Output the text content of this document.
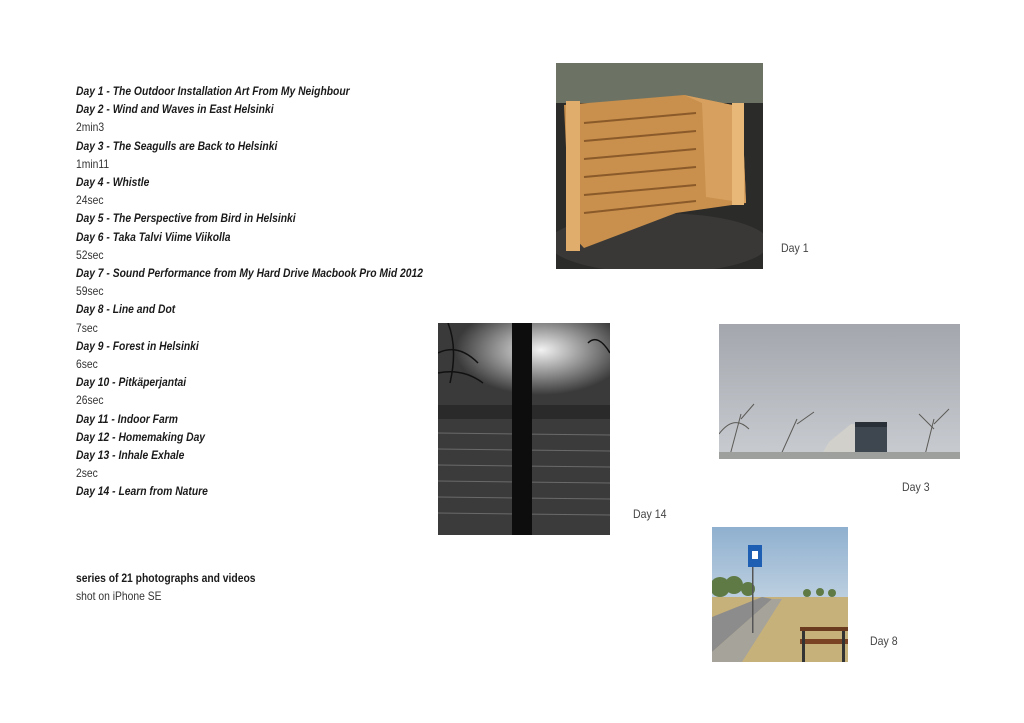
Day 1 - The Outdoor Installation Art From My Neighbour
Day 2 - Wind and Waves in East Helsinki
2min3
Day 3 - The Seagulls are Back to Helsinki
1min11
Day 4 - Whistle
24sec
Day 5 - The Perspective from Bird in Helsinki
Day 6 - Taka Talvi Viime Viikolla
52sec
Day 7 - Sound Performance from My Hard Drive Macbook Pro Mid 2012
59sec
Day 8 - Line and Dot
7sec
Day 9 - Forest in Helsinki
6sec
Day 10 - Pitkäperjantai
26sec
Day 11 - Indoor Farm
Day 12 - Homemaking Day
Day 13 - Inhale Exhale
2sec
Day 14 - Learn from Nature
series of 21 photographs and videos
shot on iPhone SE
Day 1
Day 14
Day 3
Day 8
